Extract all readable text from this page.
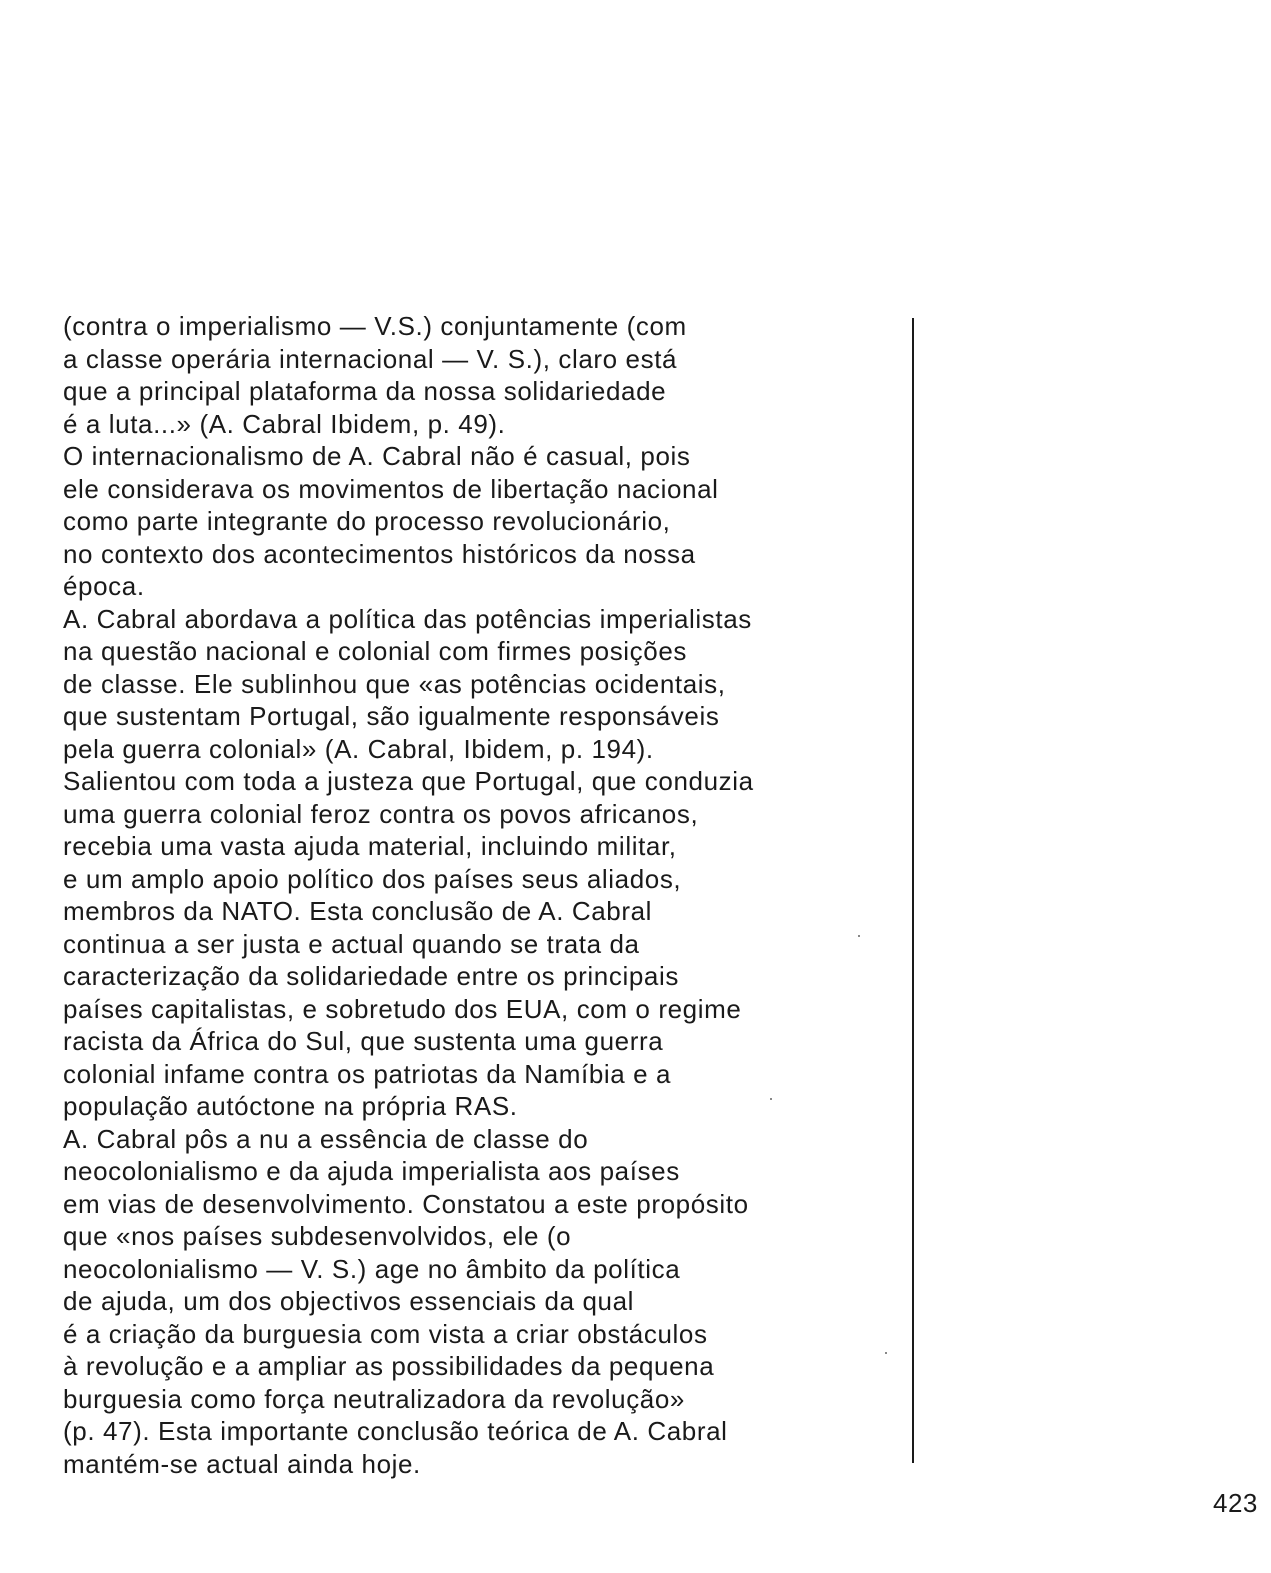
(contra o imperialismo — V.S.) conjuntamente (com
a classe operária internacional — V. S.), claro está
que a principal plataforma da nossa solidariedade
é a luta...» (A. Cabral Ibidem, p. 49).
O internacionalismo de A. Cabral não é casual, pois
ele considerava os movimentos de libertação nacional
como parte integrante do processo revolucionário,
no contexto dos acontecimentos históricos da nossa
época.
A. Cabral abordava a política das potências imperialistas
na questão nacional e colonial com firmes posições
de classe. Ele sublinhou que «as potências ocidentais,
que sustentam Portugal, são igualmente responsáveis
pela guerra colonial» (A. Cabral, Ibidem, p. 194).
Salientou com toda a justeza que Portugal, que conduzia
uma guerra colonial feroz contra os povos africanos,
recebia uma vasta ajuda material, incluindo militar,
e um amplo apoio político dos países seus aliados,
membros da NATO. Esta conclusão de A. Cabral
continua a ser justa e actual quando se trata da
caracterização da solidariedade entre os principais
países capitalistas, e sobretudo dos EUA, com o regime
racista da África do Sul, que sustenta uma guerra
colonial infame contra os patriotas da Namíbia e a
população autóctone na própria RAS.
A. Cabral pôs a nu a essência de classe do
neocolonialismo e da ajuda imperialista aos países
em vias de desenvolvimento. Constatou a este propósito
que «nos países subdesenvolvidos, ele (o
neocolonialismo — V. S.) age no âmbito da política
de ajuda, um dos objectivos essenciais da qual
é a criação da burguesia com vista a criar obstáculos
à revolução e a ampliar as possibilidades da pequena
burguesia como força neutralizadora da revolução»
(p. 47). Esta importante conclusão teórica de A. Cabral
mantém-se actual ainda hoje.
423
